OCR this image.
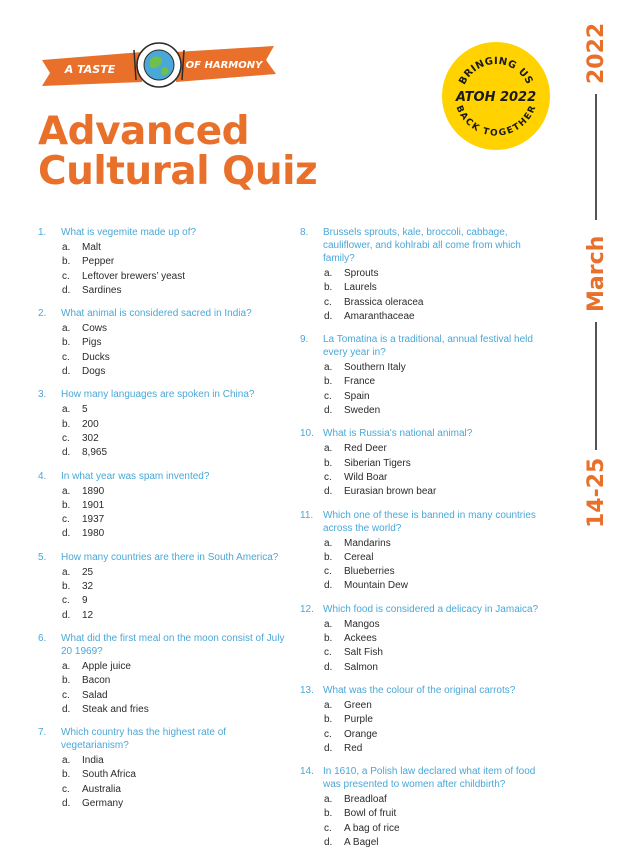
A TASTE	OF HARMONY
Advanced
Cultural Quiz
BRINGING US
ATOH 2022
BACK TOGETHER
14-25
March
2022
1.	What is vegemite made up of?
a.	Malt
b.	Pepper
c.	Leftover brewers’ yeast
d.	Sardines
2.	What animal is considered sacred in India?
a.	Cows
b.	Pigs
c.	Ducks
d.	Dogs
3.	How many languages are spoken in China?
a.	5
b.	200
c.	302
d.	8,965
4.	In what year was spam invented?
a.	1890
b.	1901
c.	1937
d.	1980
5.	How many countries are there in South America?
a.	25
b.	32
c.	9
d.	12
6.	What did the first meal on the moon consist of July 20 1969?
a.	Apple juice
b.	Bacon
c.	Salad
d.	Steak and fries
7.	Which country has the highest rate of vegetarianism?
a.	India
b.	South Africa
c.	Australia
d.	Germany
8.	Brussels sprouts, kale, broccoli, cabbage, cauliflower, and kohlrabi all come from which family?
a.	Sprouts
b.	Laurels
c.	Brassica oleracea
d.	Amaranthaceae
9.	La Tomatina is a traditional, annual festival held every year in?
a.	Southern Italy
b.	France
c.	Spain
d.	Sweden
10. What is Russia’s national animal?
a.	Red Deer
b.	Siberian Tigers
c.	Wild Boar
d.	Eurasian brown bear
11. Which one of these is banned in many countries across the world?
a.	Mandarins
b.	Cereal
c.	Blueberries
d.	Mountain Dew
12. Which food is considered a delicacy in Jamaica?
a.	Mangos
b.	Ackees
c.	Salt Fish
d.	Salmon
13. What was the colour of the original carrots?
a.	Green
b.	Purple
c.	Orange
d.	Red
14. In 1610, a Polish law declared what item of food was presented to women after childbirth?
a.	Breadloaf
b.	Bowl of fruit
c.	A bag of rice
d.	A Bagel
